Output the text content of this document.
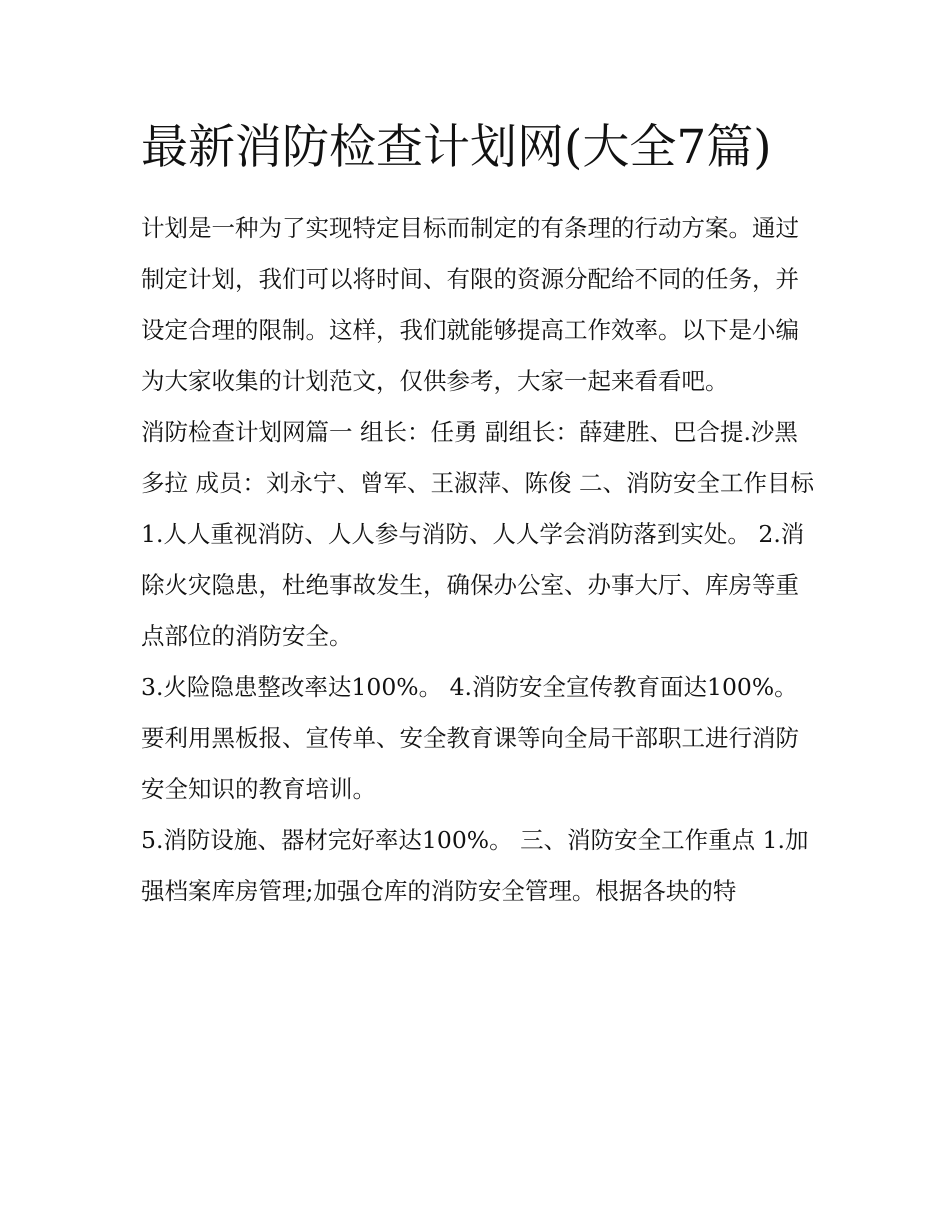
最新消防检查计划网(大全7篇)

计划是一种为了实现特定目标而制定的有条理的行动方案。通过制定计划，我们可以将时间、有限的资源分配给不同的任务，并设定合理的限制。这样，我们就能够提高工作效率。以下是小编为大家收集的计划范文，仅供参考，大家一起来看看吧。

消防检查计划网篇一 组长：任勇 副组长：薛建胜、巴合提.沙黑多拉 成员：刘永宁、曾军、王淑萍、陈俊 二、消防安全工作目标

1.人人重视消防、人人参与消防、人人学会消防落到实处。 2.消除火灾隐患，杜绝事故发生，确保办公室、办事大厅、库房等重点部位的消防安全。

3.火险隐患整改率达100%。 4.消防安全宣传教育面达100%。要利用黑板报、宣传单、安全教育课等向全局干部职工进行消防安全知识的教育培训。

5.消防设施、器材完好率达100%。 三、消防安全工作重点 1.加强档案库房管理;加强仓库的消防安全管理。根据各块的特
